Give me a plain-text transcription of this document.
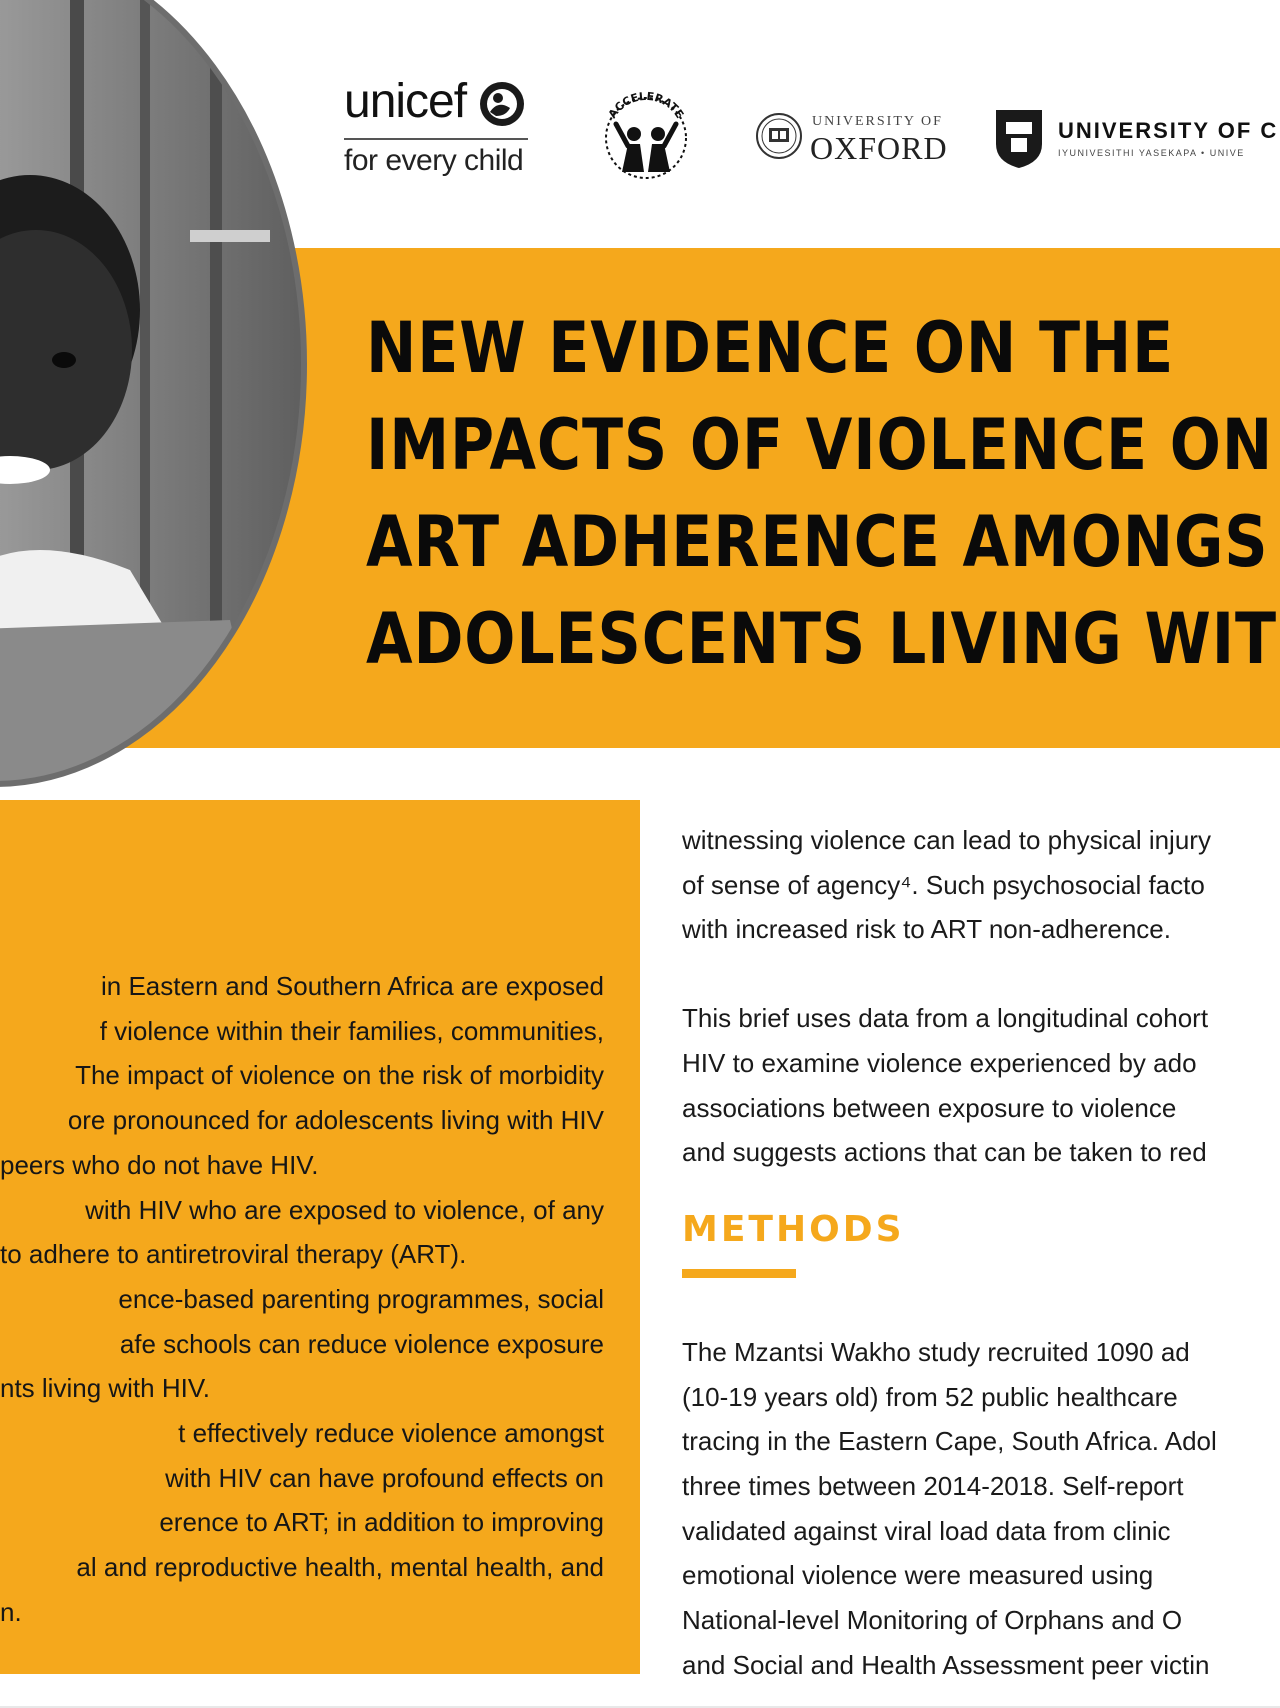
unicef
for every child
ACCELERATE
UNIVERSITY OF
OXFORD	UNIVERSITY OF C
IYUNIVESITHI YASEKAPA • UNIVE
NEW EVIDENCE ON THE
IMPACTS OF VIOLENCE ON
ART ADHERENCE AMONGS
ADOLESCENTS LIVING WIT
in Eastern and Southern Africa are exposed
f violence within their families, communities,
The impact of violence on the risk of morbidity
ore pronounced for adolescents living with HIV
peers who do not have HIV.
with HIV who are exposed to violence, of any
to adhere to antiretroviral therapy (ART).
ence-based parenting programmes, social
afe schools can reduce violence exposure
nts living with HIV.
t effectively reduce violence amongst
with HIV can have profound effects on
erence to ART; in addition to improving
al and reproductive health, mental health, and
n.
witnessing violence can lead to physical injury
of sense of agency⁴. Such psychosocial facto
with increased risk to ART non-adherence.
This brief uses data from a longitudinal cohort
HIV to examine violence experienced by ado
associations between exposure to violence
and suggests actions that can be taken to red
METHODS
The Mzantsi Wakho study recruited 1090 ad
(10-19 years old) from 52 public healthcare
tracing in the Eastern Cape, South Africa. Adol
three times between 2014-2018. Self-report
validated against viral load data from clinic
emotional violence were measured using
National-level Monitoring of Orphans and O
and Social and Health Assessment peer victin
